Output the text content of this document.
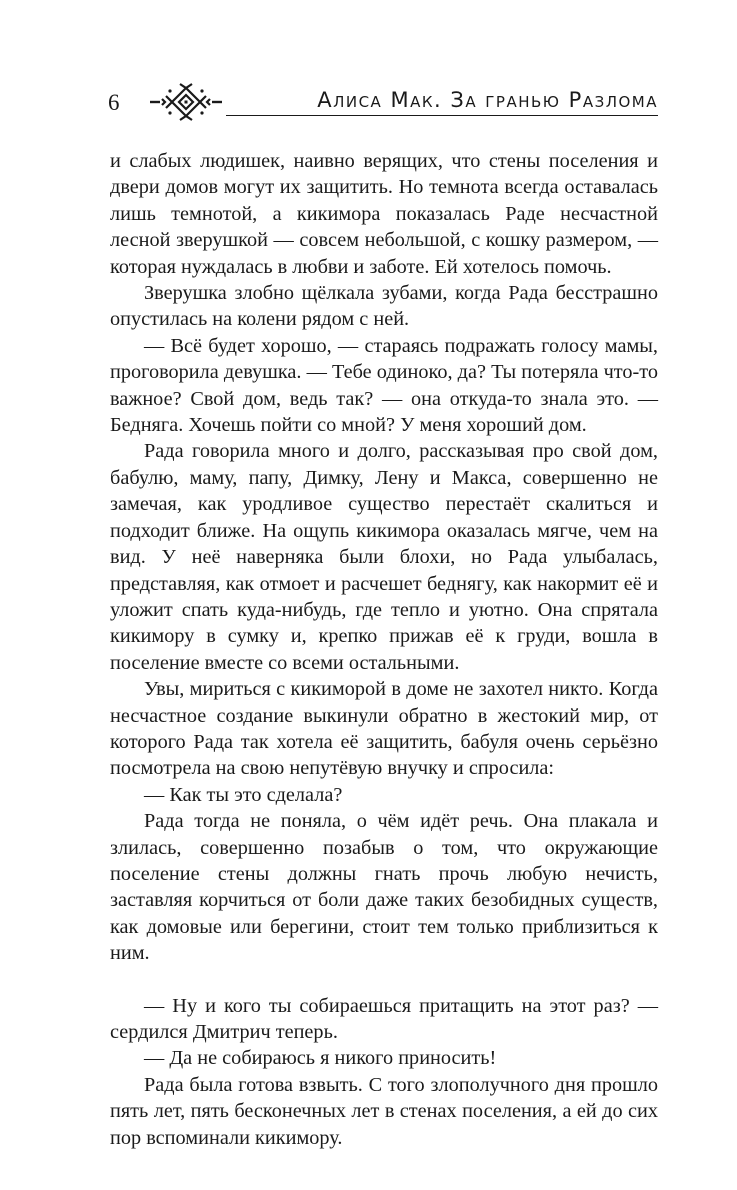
6	Алиса Мак. За гранью Разлома

и слабых людишек, наивно верящих, что стены поселения и двери домов могут их защитить. Но темнота всегда оставалась лишь темнотой, а кикимора показалась Раде несчастной лесной зверушкой — совсем небольшой, с кошку размером, — которая нуждалась в любви и заботе. Ей хотелось помочь.

Зверушка злобно щёлкала зубами, когда Рада бесстрашно опустилась на колени рядом с ней.

— Всё будет хорошо, — стараясь подражать голосу мамы, проговорила девушка. — Тебе одиноко, да? Ты потеряла что-то важное? Свой дом, ведь так? — она откуда-то знала это. — Бедняга. Хочешь пойти со мной? У меня хороший дом.

Рада говорила много и долго, рассказывая про свой дом, бабулю, маму, папу, Димку, Лену и Макса, совершенно не замечая, как уродливое существо перестаёт скалиться и подходит ближе. На ощупь кикимора оказалась мягче, чем на вид. У неё наверняка были блохи, но Рада улыбалась, представляя, как отмоет и расчешет беднягу, как накормит её и уложит спать куда-нибудь, где тепло и уютно. Она спрятала кикимору в сумку и, крепко прижав её к груди, вошла в поселение вместе со всеми остальными.

Увы, мириться с кикиморой в доме не захотел никто. Когда несчастное создание выкинули обратно в жестокий мир, от которого Рада так хотела её защитить, бабуля очень серьёзно посмотрела на свою непутёвую внучку и спросила:

— Как ты это сделала?

Рада тогда не поняла, о чём идёт речь. Она плакала и злилась, совершенно позабыв о том, что окружающие поселение стены должны гнать прочь любую нечисть, заставляя корчиться от боли даже таких безобидных существ, как домовые или берегини, стоит тем только приблизиться к ним.

— Ну и кого ты собираешься притащить на этот раз? — сердился Дмитрич теперь.

— Да не собираюсь я никого приносить!

Рада была готова взвыть. С того злополучного дня прошло пять лет, пять бесконечных лет в стенах поселения, а ей до сих пор вспоминали кикимору.
